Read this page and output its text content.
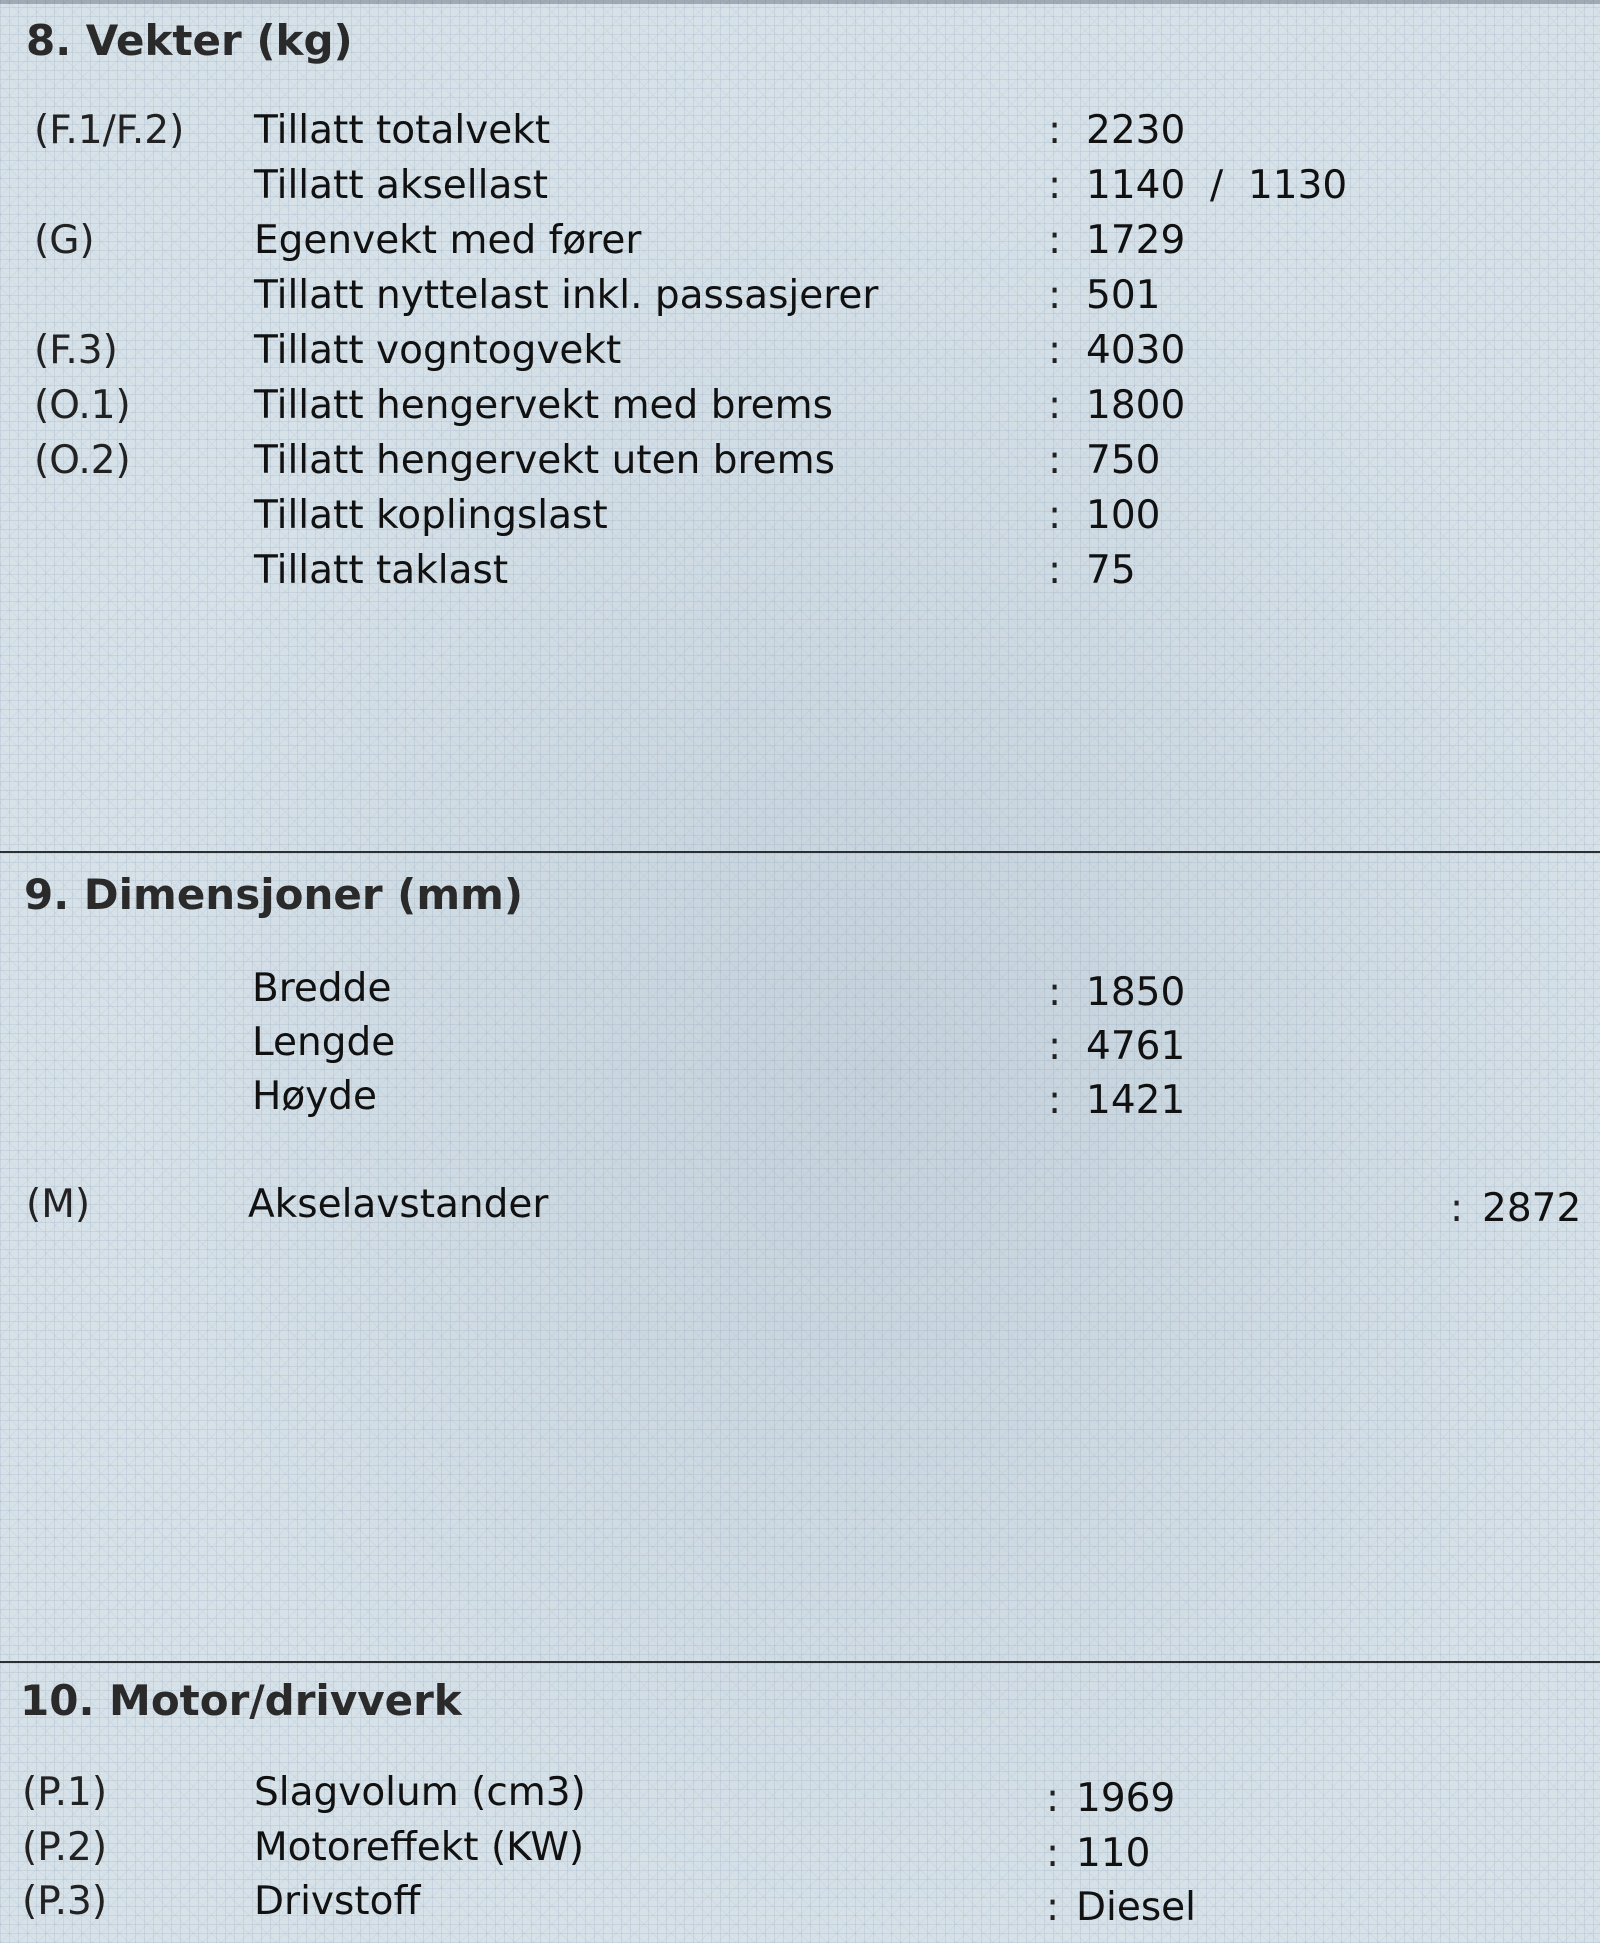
8. Vekter (kg)
(F.1/F.2) Tillatt totalvekt	: 2230
Tillatt aksellast	: 1140  /  1130
(G)	Egenvekt med fører	: 1729
Tillatt nyttelast inkl. passasjerer	: 501
(F.3)	Tillatt vogntogvekt	: 4030
(O.1)	Tillatt hengervekt med brems	: 1800
(O.2)	Tillatt hengervekt uten brems	: 750
Tillatt koplingslast	: 100
Tillatt taklast	: 75
9. Dimensjoner (mm)
Bredde	: 1850
Lengde	: 4761
Høyde	: 1421
(M)	Akselavstander	: 2872
10. Motor/drivverk
(P.1)	Slagvolum (cm3)	: 1969
(P.2)	Motoreffekt (KW)	: 110
(P.3)	Drivstoff	: Diesel
